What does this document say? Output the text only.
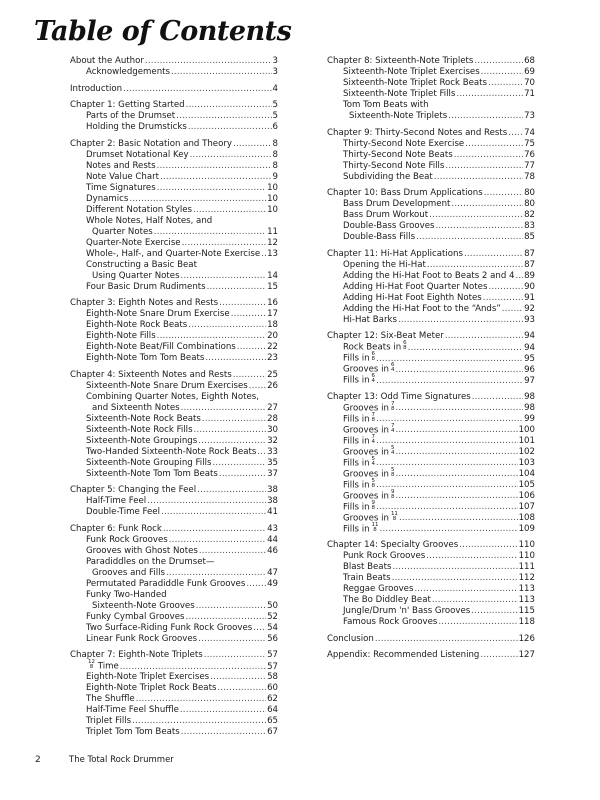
Table of Contents
About the Author .....	3
Acknowledgements .....	3
Introduction .....	4
Chapter 1: Getting Started .....	5
Parts of the Drumset .....	5
Holding the Drumsticks .....	6
Chapter 2: Basic Notation and Theory .....	8
Drumset Notational Key .....	8
Notes and Rests .....	8
Note Value Chart .....	9
Time Signatures .....	10
Dynamics .....	10
Different Notation Styles .....	10
Whole Notes, Half Notes, and
Quarter Notes .....	11
Quarter-Note Exercise .....	12
Whole-, Half-, and Quarter-Note Exercise ..... 13
Constructing a Basic Beat
Using Quarter Notes .....	14
Four Basic Drum Rudiments .....	15
Chapter 3: Eighth Notes and Rests .....	16
Eighth-Note Snare Drum Exercise .....	17
Eighth-Note Rock Beats .....	18
Eighth-Note Fills .....	20
Eighth-Note Beat/Fill Combinations .....	22
Eighth-Note Tom Tom Beats .....	23
Chapter 4: Sixteenth Notes and Rests .....	25
Sixteenth-Note Snare Drum Exercises ..... 26
Combining Quarter Notes, Eighth Notes,
and Sixteenth Notes .....	27
Sixteenth-Note Rock Beats .....	28
Sixteenth-Note Rock Fills .....	30
Sixteenth-Note Groupings .....	32
Two-Handed Sixteenth-Note Rock Beats ..... 33
Sixteenth-Note Grouping Fills .....	35
Sixteenth-Note Tom Tom Beats .....	37
Chapter 5: Changing the Feel .....	38
Half-Time Feel .....	38
Double-Time Feel .....	41
Chapter 6: Funk Rock .....	43
Funk Rock Grooves .....	44
Grooves with Ghost Notes .....	46
Paradiddles on the Drumset—
Grooves and Fills .....	47
Permutated Paradiddle Funk Grooves .....	49
Funky Two-Handed
Sixteenth-Note Grooves .....	50
Funky Cymbal Grooves .....	52
Two Surface-Riding Funk Rock Grooves ..... 54
Linear Funk Rock Grooves .....	56
Chapter 7: Eighth-Note Triplets .....	57
12
8 Time .....	57
Eighth-Note Triplet Exercises .....	58
Eighth-Note Triplet Rock Beats .....	60
The Shuffle .....	62
Half-Time Feel Shuffle .....	64
Triplet Fills .....	65
Triplet Tom Tom Beats .....	67
Chapter 8: Sixteenth-Note Triplets .....	68
Sixteenth-Note Triplet Exercises .....	69
Sixteenth-Note Triplet Rock Beats .....	70
Sixteenth-Note Triplet Fills .....	71
Tom Tom Beats with
Sixteenth-Note Triplets .....	73
Chapter 9: Thirty-Second Notes and Rests ..... 74
Thirty-Second Note Exercise .....	75
Thirty-Second Note Beats .....	76
Thirty-Second Note Fills .....	77
Subdividing the Beat .....	78
Chapter 10: Bass Drum Applications .....	80
Bass Drum Development .....	80
Bass Drum Workout .....	82
Double-Bass Grooves .....	83
Double-Bass Fills .....	85
Chapter 11: Hi-Hat Applications .....	87
Opening the Hi-Hat .....	87
Adding the Hi-Hat Foot to Beats 2 and 4 ..... 89
Adding Hi-Hat Foot Quarter Notes .....	90
Adding Hi-Hat Foot Eighth Notes .....	91
Adding the Hi-Hat Foot to the “Ands” .....	92
Hi-Hat Barks .....	93
Chapter 12: Six-Beat Meter .....	94
Rock Beats in 6
8 .....	94
Fills in 6
8 .....	95
Grooves in 6
4 .....	96
Fills in 6
4 .....	97
Chapter 13: Odd Time Signatures .....	98
Grooves in 7
8 .....	98
Fills in 7
8 .....	99
Grooves in 7
4 .....	100
Fills in 7
4 .....	101
Grooves in 5
4 .....	102
Fills in 5
4 .....	103
Grooves in 5
8 .....	104
Fills in 5
8 .....	105
Grooves in 9
8 .....	106
Fills in 9
8 .....	107
Grooves in 11
8 .....	108
Fills in 11
8 .....	109
Chapter 14: Specialty Grooves .....	110
Punk Rock Grooves .....	110
Blast Beats .....	111
Train Beats .....	112
Reggae Grooves .....	113
The Bo Diddley Beat .....	113
Jungle/Drum 'n' Bass Grooves .....	115
Famous Rock Grooves .....	118
Conclusion .....	126
Appendix: Recommended Listening .....	127
2	The Total Rock Drummer
